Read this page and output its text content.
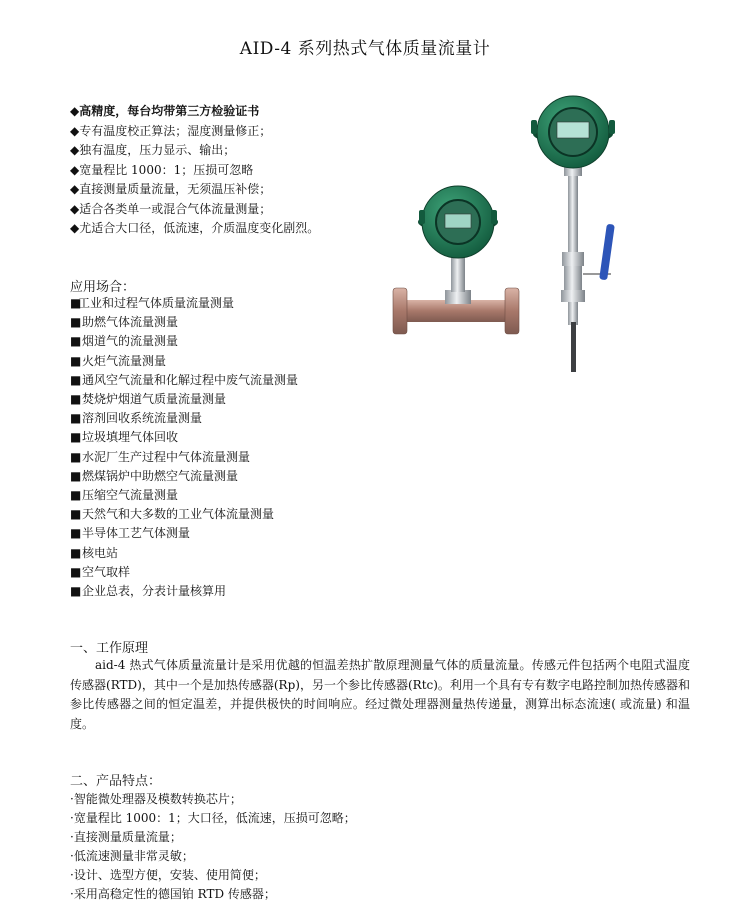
AID-4 系列热式气体质量流量计
◆高精度，每台均带第三方检验证书
◆专有温度校正算法；湿度测量修正；
◆独有温度，压力显示、输出；
◆宽量程比 1000：1；压损可忽略
◆直接测量质量流量，无须温压补偿；
◆适合各类单一或混合气体流量测量；
◆尤适合大口径，低流速，介质温度变化剧烈。
应用场合：
■工业和过程气体质量流量测量
■助燃气体流量测量
■烟道气的流量测量
■火炬气流量测量
■通风空气流量和化解过程中废气流量测量
■焚烧炉烟道气质量流量测量
■溶剂回收系统流量测量
■垃圾填埋气体回收
■水泥厂生产过程中气体流量测量
■燃煤锅炉中助燃空气流量测量
■压缩空气流量测量
■天然气和大多数的工业气体流量测量
■半导体工艺气体测量
■核电站
■空气取样
■企业总表，分表计量核算用
一、工作原理
aid-4 热式气体质量流量计是采用优越的恒温差热扩散原理测量气体的质量流量。传感元件包括两个电阻式温度传感器(RTD)，其中一个是加热传感器(Rp)，另一个参比传感器(Rtc)。利用一个具有专有数字电路控制加热传感器和参比传感器之间的恒定温差，并提供极快的时间响应。经过微处理器测量热传递量，测算出标态流速( 或流量) 和温度。
二、产品特点：
·智能微处理器及模数转换芯片；
·宽量程比 1000：1；大口径，低流速，压损可忽略；
·直接测量质量流量；
·低流速测量非常灵敏；
·设计、选型方便，安装、使用简便；
·采用高稳定性的德国铂 RTD 传感器；
